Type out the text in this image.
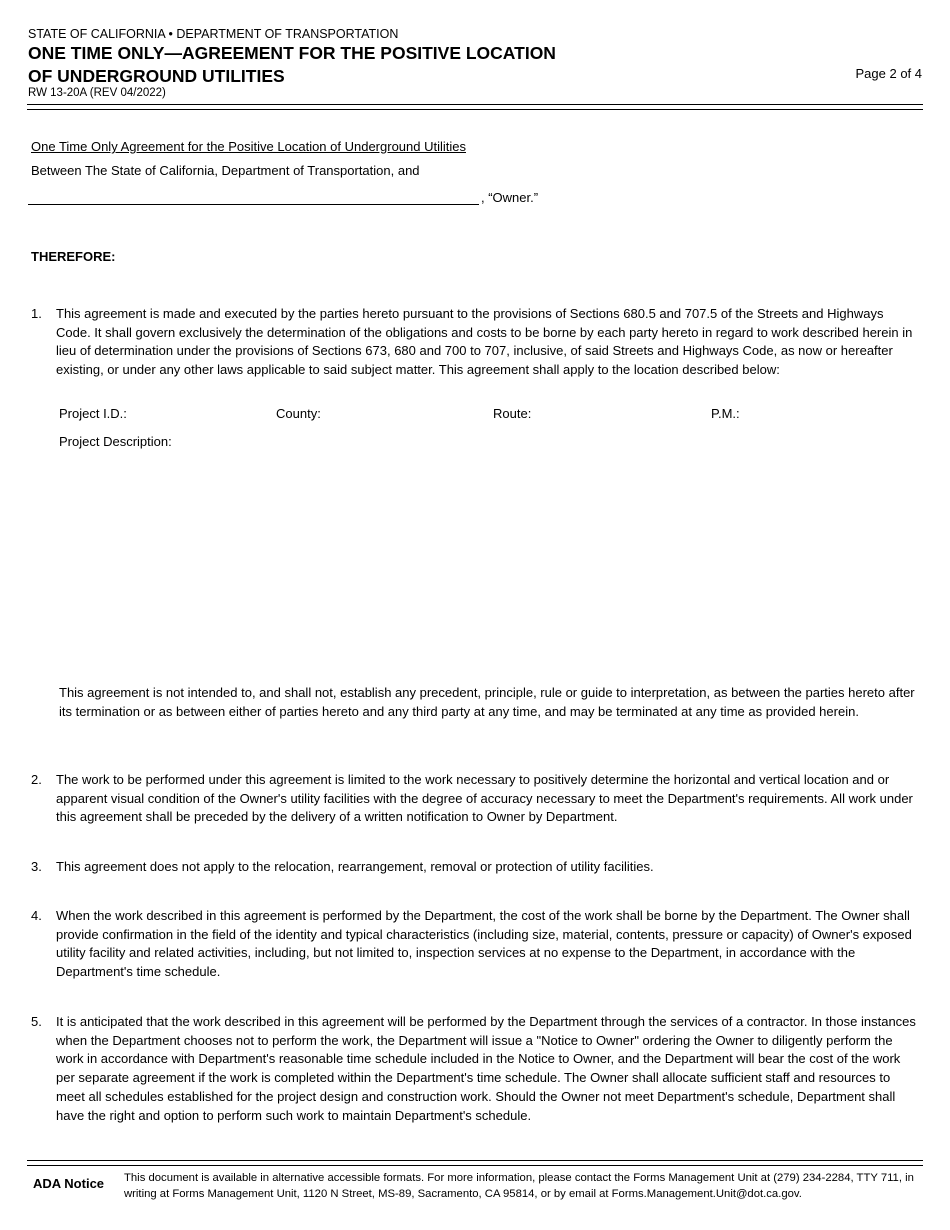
STATE OF CALIFORNIA • DEPARTMENT OF TRANSPORTATION
ONE TIME ONLY—AGREEMENT FOR THE POSITIVE LOCATION
OF UNDERGROUND UTILITIES
RW 13-20A (REV 04/2022)
Page 2 of 4
One Time Only Agreement for the Positive Location of Underground Utilities
Between The State of California, Department of Transportation, and
, “Owner.”
THEREFORE:
1.	This agreement is made and executed by the parties hereto pursuant to the provisions of Sections 680.5 and 707.5 of the Streets and Highways Code. It shall govern exclusively the determination of the obligations and costs to be borne by each party hereto in regard to work described herein in lieu of determination under the provisions of Sections 673, 680 and 700 to 707, inclusive, of said Streets and Highways Code, as now or hereafter existing, or under any other laws applicable to said subject matter. This agreement shall apply to the location described below:
Project I.D.:	County:	Route:	P.M.:
Project Description:
This agreement is not intended to, and shall not, establish any precedent, principle, rule or guide to interpretation, as between the parties hereto after its termination or as between either of parties hereto and any third party at any time, and may be terminated at any time as provided herein.
2.	The work to be performed under this agreement is limited to the work necessary to positively determine the horizontal and vertical location and or apparent visual condition of the Owner's utility facilities with the degree of accuracy necessary to meet the Department's requirements. All work under this agreement shall be preceded by the delivery of a written notification to Owner by Department.
3.	This agreement does not apply to the relocation, rearrangement, removal or protection of utility facilities.
4.	When the work described in this agreement is performed by the Department, the cost of the work shall be borne by the Department. The Owner shall provide confirmation in the field of the identity and typical characteristics (including size, material, contents, pressure or capacity) of Owner's exposed utility facility and related activities, including, but not limited to, inspection services at no expense to the Department, in accordance with the Department's time schedule.
5.	It is anticipated that the work described in this agreement will be performed by the Department through the services of a contractor. In those instances when the Department chooses not to perform the work, the Department will issue a "Notice to Owner" ordering the Owner to diligently perform the work in accordance with Department's reasonable time schedule included in the Notice to Owner, and the Department will bear the cost of the work per separate agreement if the work is completed within the Department's time schedule. The Owner shall allocate sufficient staff and resources to meet all schedules established for the project design and construction work. Should the Owner not meet Department's schedule, Department shall have the right and option to perform such work to maintain Department's schedule.
ADA Notice This document is available in alternative accessible formats. For more information, please contact the Forms Management Unit at (279) 234-2284, TTY 711, in writing at Forms Management Unit, 1120 N Street, MS-89, Sacramento, CA 95814, or by email at Forms.Management.Unit@dot.ca.gov.
